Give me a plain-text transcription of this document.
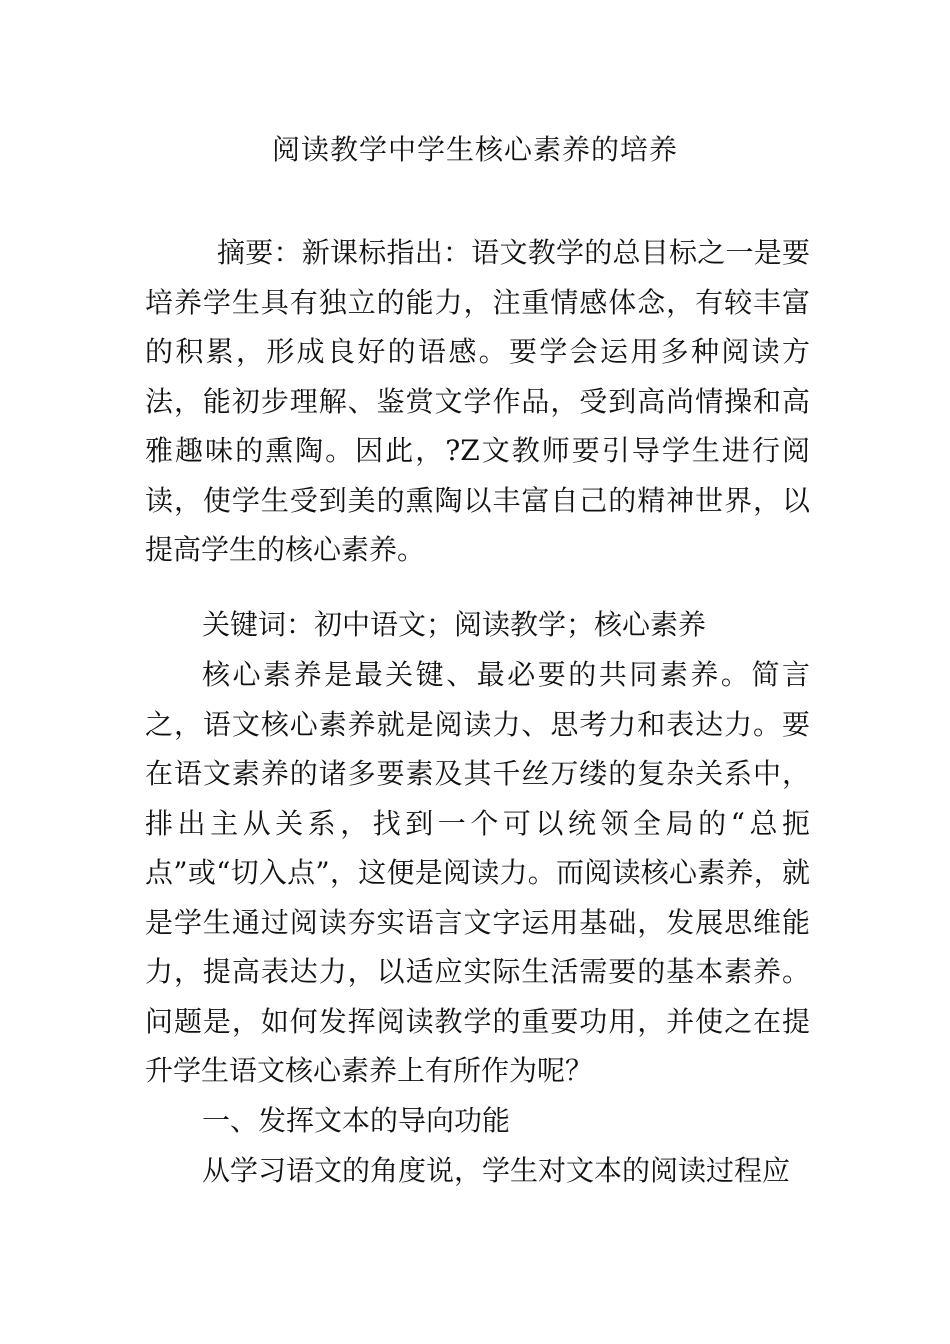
阅读教学中学生核心素养的培养

摘要：新课标指出：语文教学的总目标之一是要培养学生具有独立的能力，注重情感体念，有较丰富的积累，形成良好的语感。要学会运用多种阅读方法，能初步理解、鉴赏文学作品，受到高尚情操和高雅趣味的熏陶。因此，?Z文教师要引导学生进行阅读，使学生受到美的熏陶以丰富自己的精神世界，以提高学生的核心素养。

关键词：初中语文；阅读教学；核心素养

核心素养是最关键、最必要的共同素养。简言之，语文核心素养就是阅读力、思考力和表达力。要在语文素养的诸多要素及其千丝万缕的复杂关系中，排出主从关系，找到一个可以统领全局的“总扼点”或“切入点”，这便是阅读力。而阅读核心素养，就是学生通过阅读夯实语言文字运用基础，发展思维能力，提高表达力，以适应实际生活需要的基本素养。问题是，如何发挥阅读教学的重要功用，并使之在提升学生语文核心素养上有所作为呢？

一、发挥文本的导向功能

从学习语文的角度说，学生对文本的阅读过程应
